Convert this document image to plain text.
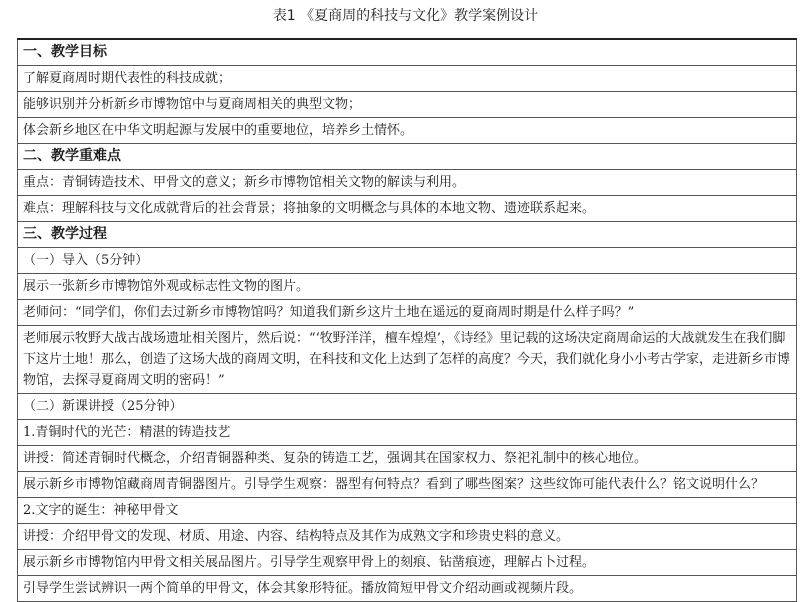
表1 《夏商周的科技与文化》教学案例设计
一、教学目标
了解夏商周时期代表性的科技成就；
能够识别并分析新乡市博物馆中与夏商周相关的典型文物；
体会新乡地区在中华文明起源与发展中的重要地位，培养乡土情怀。
二、教学重难点
重点：青铜铸造技术、甲骨文的意义；新乡市博物馆相关文物的解读与利用。
难点：理解科技与文化成就背后的社会背景；将抽象的文明概念与具体的本地文物、遗迹联系起来。
三、教学过程
（一）导入（5分钟）
展示一张新乡市博物馆外观或标志性文物的图片。
老师问：“同学们，你们去过新乡市博物馆吗？知道我们新乡这片土地在遥远的夏商周时期是什么样子吗？”
老师展示牧野大战古战场遗址相关图片，然后说：“‘牧野洋洋，檀车煌煌’，《诗经》里记载的这场决定商周命运的大战就发生在我们脚下这片土地！那么，创造了这场大战的商周文明，在科技和文化上达到了怎样的高度？今天，我们就化身小小考古学家，走进新乡市博物馆，去探寻夏商周文明的密码！”
（二）新课讲授（25分钟）
1.青铜时代的光芒：精湛的铸造技艺
讲授：简述青铜时代概念，介绍青铜器种类、复杂的铸造工艺，强调其在国家权力、祭祀礼制中的核心地位。
展示新乡市博物馆藏商周青铜器图片。引导学生观察：器型有何特点？看到了哪些图案？这些纹饰可能代表什么？铭文说明什么？
2.文字的诞生：神秘甲骨文
讲授：介绍甲骨文的发现、材质、用途、内容、结构特点及其作为成熟文字和珍贵史料的意义。
展示新乡市博物馆内甲骨文相关展品图片。引导学生观察甲骨上的刻痕、钻凿痕迹，理解占卜过程。
引导学生尝试辨识一两个简单的甲骨文，体会其象形特征。播放简短甲骨文介绍动画或视频片段。
